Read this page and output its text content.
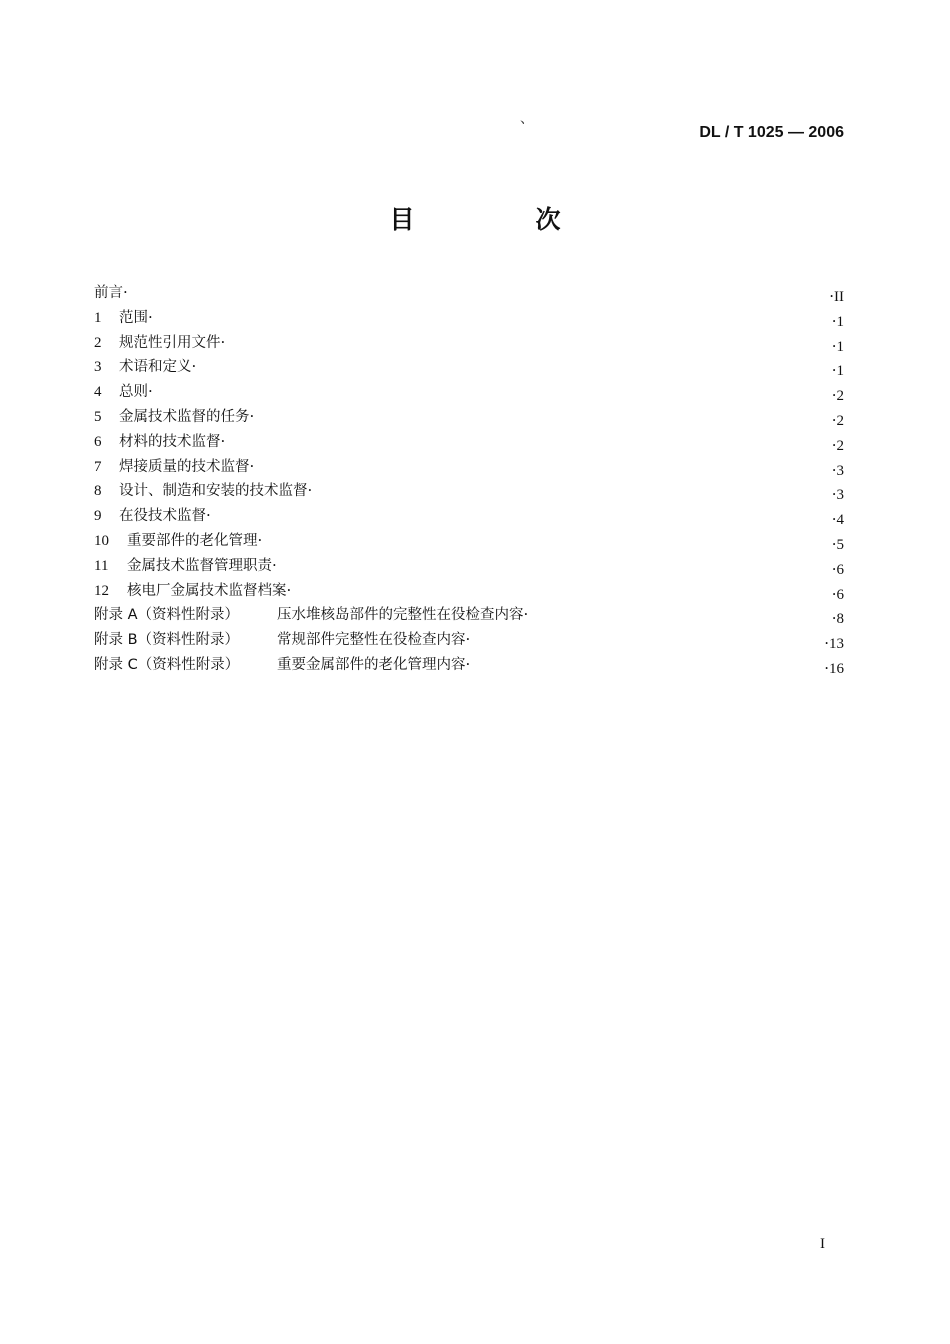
、
DL / T 1025 — 2006
目　次
前言·	·II
1 范围·	·1
2 规范性引用文件·	·1
3 术语和定义·	·1
4 总则·	·2
5 金属技术监督的任务·	·2
6 材料的技术监督·	·2
7 焊接质量的技术监督·	·3
8 设计、制造和安装的技术监督·	·3
9 在役技术监督·	·4
10 重要部件的老化管理·	·5
11 金属技术监督管理职责·	·6
12 核电厂金属技术监督档案·	·6
附录 A（资料性附录）	压水堆核岛部件的完整性在役检查内容·	·8
附录 B（资料性附录）	常规部件完整性在役检查内容·	·13
附录 C（资料性附录）	重要金属部件的老化管理内容·	·16
I
